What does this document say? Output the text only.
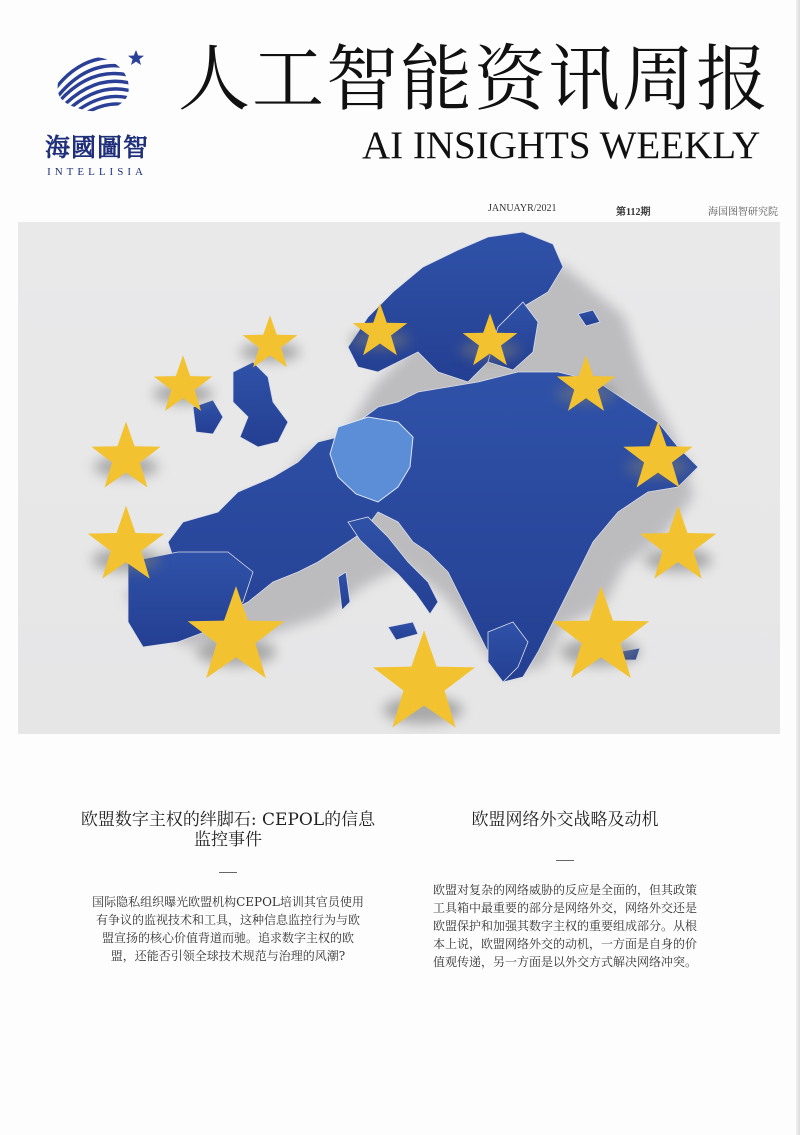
海國圖智
INTELLISIA
人工智能资讯周报
AI INSIGHTS WEEKLY
JANUAYR/2021	第112期	海国图智研究院
欧盟数字主权的绊脚石: CEPOL的信息监控事件

国际隐私组织曝光欧盟机构CEPOL培训其官员使用有争议的监视技术和工具，这种信息监控行为与欧盟宣扬的核心价值背道而驰。追求数字主权的欧盟，还能否引领全球技术规范与治理的风潮?

欧盟网络外交战略及动机

欧盟对复杂的网络威胁的反应是全面的，但其政策工具箱中最重要的部分是网络外交，网络外交还是欧盟保护和加强其数字主权的重要组成部分。从根本上说，欧盟网络外交的动机，一方面是自身的价值观传递，另一方面是以外交方式解决网络冲突。
